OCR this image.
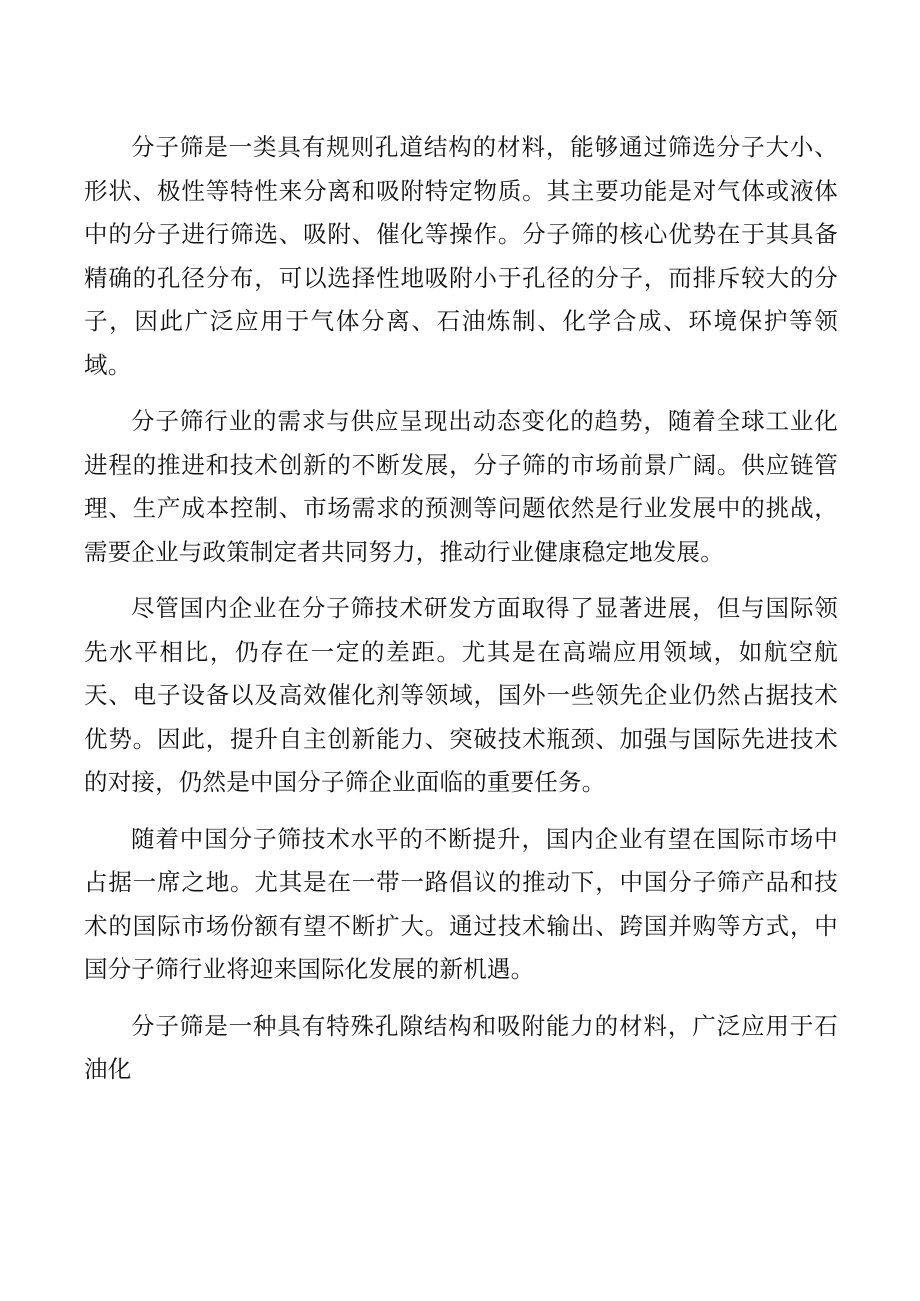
分子筛是一类具有规则孔道结构的材料，能够通过筛选分子大小、形状、极性等特性来分离和吸附特定物质。其主要功能是对气体或液体中的分子进行筛选、吸附、催化等操作。分子筛的核心优势在于其具备精确的孔径分布，可以选择性地吸附小于孔径的分子，而排斥较大的分子，因此广泛应用于气体分离、石油炼制、化学合成、环境保护等领域。

分子筛行业的需求与供应呈现出动态变化的趋势，随着全球工业化进程的推进和技术创新的不断发展，分子筛的市场前景广阔。供应链管理、生产成本控制、市场需求的预测等问题依然是行业发展中的挑战，需要企业与政策制定者共同努力，推动行业健康稳定地发展。

尽管国内企业在分子筛技术研发方面取得了显著进展，但与国际领先水平相比，仍存在一定的差距。尤其是在高端应用领域，如航空航天、电子设备以及高效催化剂等领域，国外一些领先企业仍然占据技术优势。因此，提升自主创新能力、突破技术瓶颈、加强与国际先进技术的对接，仍然是中国分子筛企业面临的重要任务。

随着中国分子筛技术水平的不断提升，国内企业有望在国际市场中占据一席之地。尤其是在一带一路倡议的推动下，中国分子筛产品和技术的国际市场份额有望不断扩大。通过技术输出、跨国并购等方式，中国分子筛行业将迎来国际化发展的新机遇。

分子筛是一种具有特殊孔隙结构和吸附能力的材料，广泛应用于石油化
